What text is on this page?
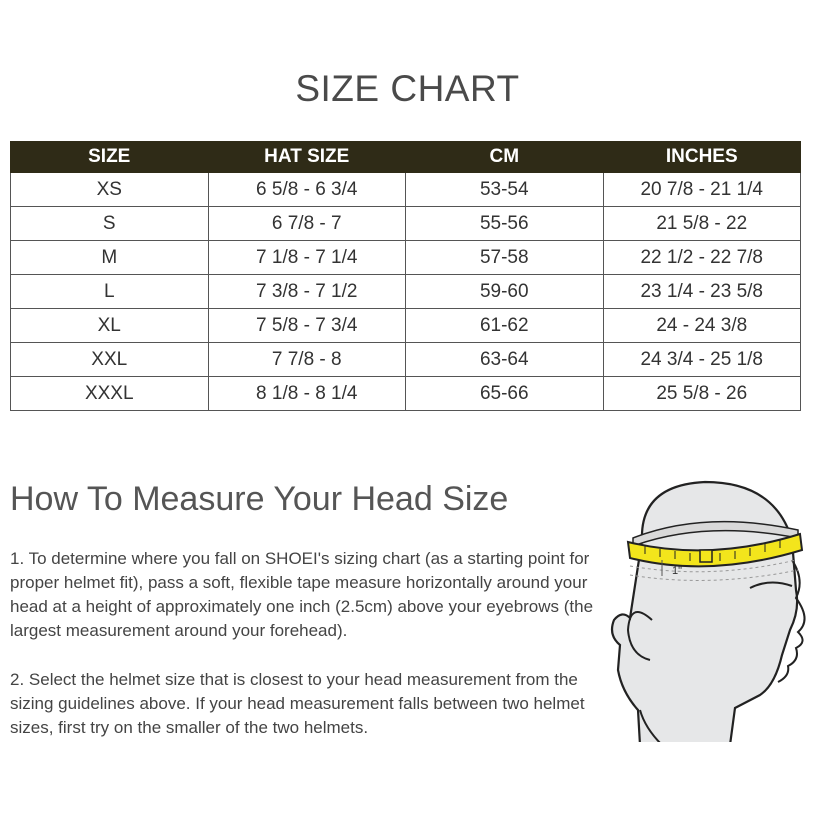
SIZE CHART
SIZE	HAT SIZE	CM	INCHES
XS	6 5/8 - 6 3/4	53-54	20 7/8 - 21 1/4
S	6 7/8 - 7	55-56	21 5/8 - 22
M	7 1/8 - 7 1/4	57-58	22 1/2 - 22 7/8
L	7 3/8 - 7 1/2	59-60	23 1/4 - 23 5/8
XL	7 5/8 - 7 3/4	61-62	24 - 24 3/8
XXL	7 7/8 - 8	63-64	24 3/4 - 25 1/8
XXXL	8 1/8 - 8 1/4	65-66	25 5/8 - 26
How To Measure Your Head Size
1. To determine where you fall on SHOEI's sizing chart (as a starting point for proper helmet fit), pass a soft, flexible tape measure horizontally around your head at a height of approximately one inch (2.5cm) above your eyebrows (the largest measurement around your forehead).
2. Select the helmet size that is closest to your head measurement from the sizing guidelines above. If your head measurement falls between two helmet sizes, first try on the smaller of the two helmets.
1"
